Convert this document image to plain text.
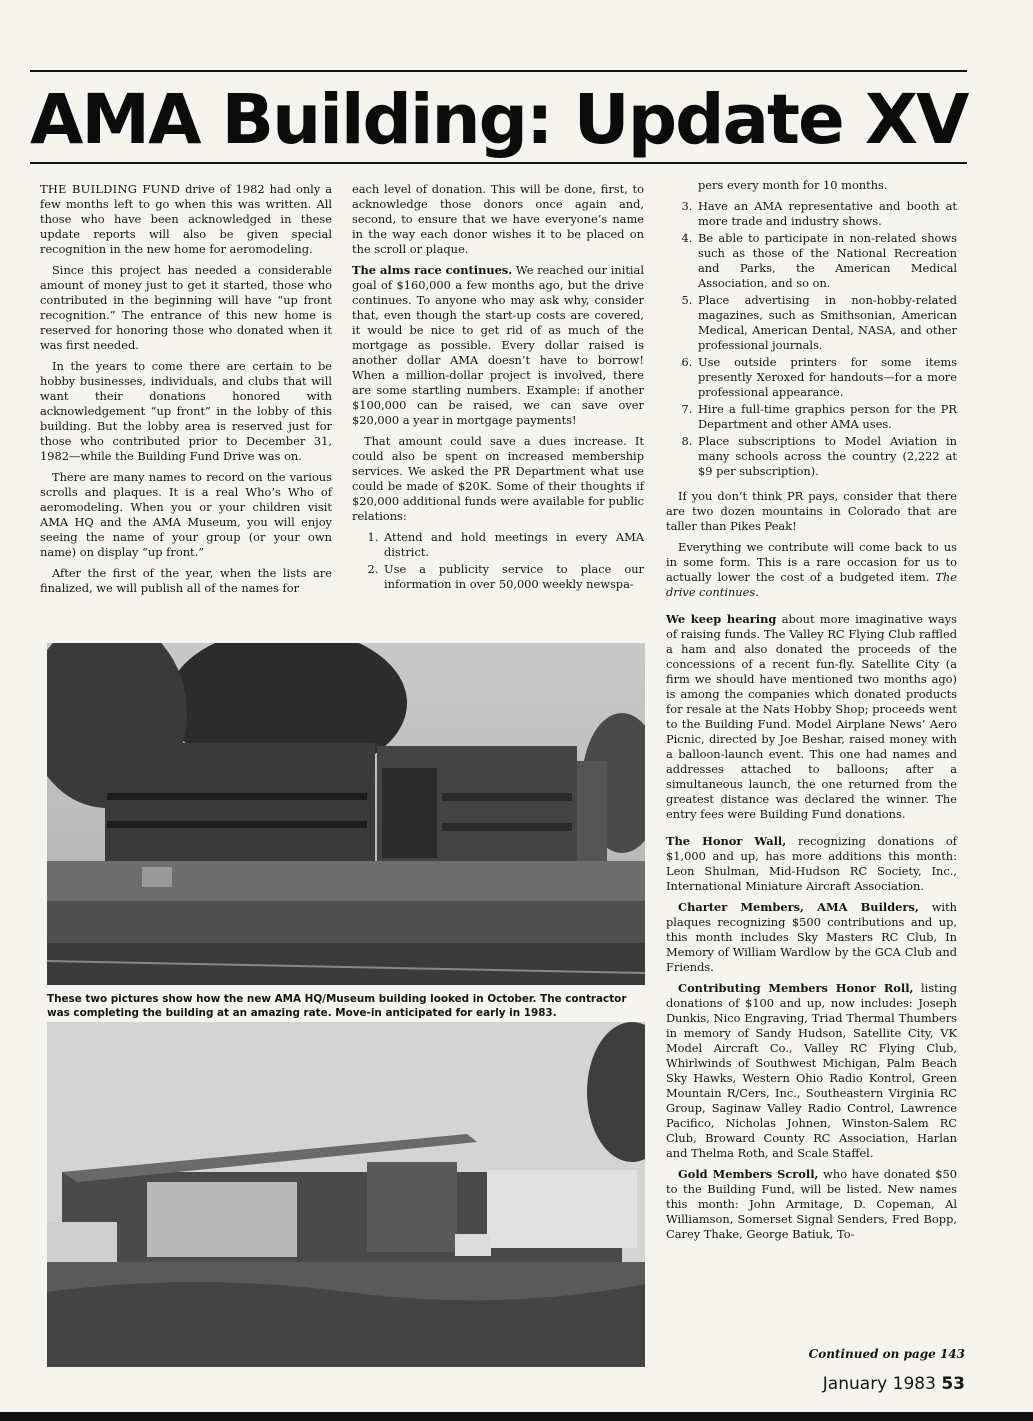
AMA Building: Update XV

THE BUILDING FUND drive of 1982 had only a few months left to go when this was written. All those who have been acknowledged in these update reports will also be given special recognition in the new home for aeromodeling.

Since this project has needed a considerable amount of money just to get it started, those who contributed in the beginning will have “up front recognition.” The entrance of this new home is reserved for honoring those who donated when it was first needed.

In the years to come there are certain to be hobby businesses, individuals, and clubs that will want their donations honored with acknowledgement “up front” in the lobby of this building. But the lobby area is reserved just for those who contributed prior to December 31, 1982—while the Building Fund Drive was on.

There are many names to record on the various scrolls and plaques. It is a real Who’s Who of aeromodeling. When you or your children visit AMA HQ and the AMA Museum, you will enjoy seeing the name of your group (or your own name) on display “up front.”

After the first of the year, when the lists are finalized, we will publish all of the names for

each level of donation. This will be done, first, to acknowledge those donors once again and, second, to ensure that we have everyone’s name in the way each donor wishes it to be placed on the scroll or plaque.

The alms race continues. We reached our initial goal of $160,000 a few months ago, but the drive continues. To anyone who may ask why, consider that, even though the start-up costs are covered, it would be nice to get rid of as much of the mortgage as possible. Every dollar raised is another dollar AMA doesn’t have to borrow! When a million-dollar project is involved, there are some startling numbers. Example: if another $100,000 can be raised, we can save over $20,000 a year in mortgage payments!

That amount could save a dues increase. It could also be spent on increased membership services. We asked the PR Department what use could be made of $20K. Some of their thoughts if $20,000 additional funds were available for public relations:

1. Attend and hold meetings in every AMA district.
2. Use a publicity service to place our information in over 50,000 weekly newspa-

pers every month for 10 months.

3. Have an AMA representative and booth at more trade and industry shows.
4. Be able to participate in non-related shows such as those of the National Recreation and Parks, the American Medical Association, and so on.
5. Place advertising in non-hobby-related magazines, such as Smithsonian, American Medical, American Dental, NASA, and other professional journals.
6. Use outside printers for some items presently Xeroxed for handouts—for a more professional appearance.
7. Hire a full-time graphics person for the PR Department and other AMA uses.
8. Place subscriptions to Model Aviation in many schools across the country (2,222 at $9 per subscription).

If you don’t think PR pays, consider that there are two dozen mountains in Colorado that are taller than Pikes Peak!

Everything we contribute will come back to us in some form. This is a rare occasion for us to actually lower the cost of a budgeted item. The drive continues.

We keep hearing about more imaginative ways of raising funds. The Valley RC Flying Club raffled a ham and also donated the proceeds of the concessions of a recent fun-fly. Satellite City (a firm we should have mentioned two months ago) is among the companies which donated products for resale at the Nats Hobby Shop; proceeds went to the Building Fund. Model Airplane News’ Aero Picnic, directed by Joe Beshar, raised money with a balloon-launch event. This one had names and addresses attached to balloons; after a simultaneous launch, the one returned from the greatest distance was declared the winner. The entry fees were Building Fund donations.

The Honor Wall, recognizing donations of $1,000 and up, has more additions this month: Leon Shulman, Mid-Hudson RC Society, Inc., International Miniature Aircraft Association.

Charter Members, AMA Builders, with plaques recognizing $500 contributions and up, this month includes Sky Masters RC Club, In Memory of William Wardlow by the GCA Club and Friends.

Contributing Members Honor Roll, listing donations of $100 and up, now includes: Joseph Dunkis, Nico Engraving, Triad Thermal Thumbers in memory of Sandy Hudson, Satellite City, VK Model Aircraft Co., Valley RC Flying Club, Whirlwinds of Southwest Michigan, Palm Beach Sky Hawks, Western Ohio Radio Kontrol, Green Mountain R/Cers, Inc., Southeastern Virginia RC Group, Saginaw Valley Radio Control, Lawrence Pacifico, Nicholas Johnen, Winston-Salem RC Club, Broward County RC Association, Harlan and Thelma Roth, and Scale Staffel.

Gold Members Scroll, who have donated $50 to the Building Fund, will be listed. New names this month: John Armitage, D. Copeman, Al Williamson, Somerset Signal Senders, Fred Bopp, Carey Thake, George Batiuk, To-

These two pictures show how the new AMA HQ/Museum building looked in October. The contractor was completing the building at an amazing rate. Move-in anticipated for early in 1983.
Continued on page 143
January 1983 53
